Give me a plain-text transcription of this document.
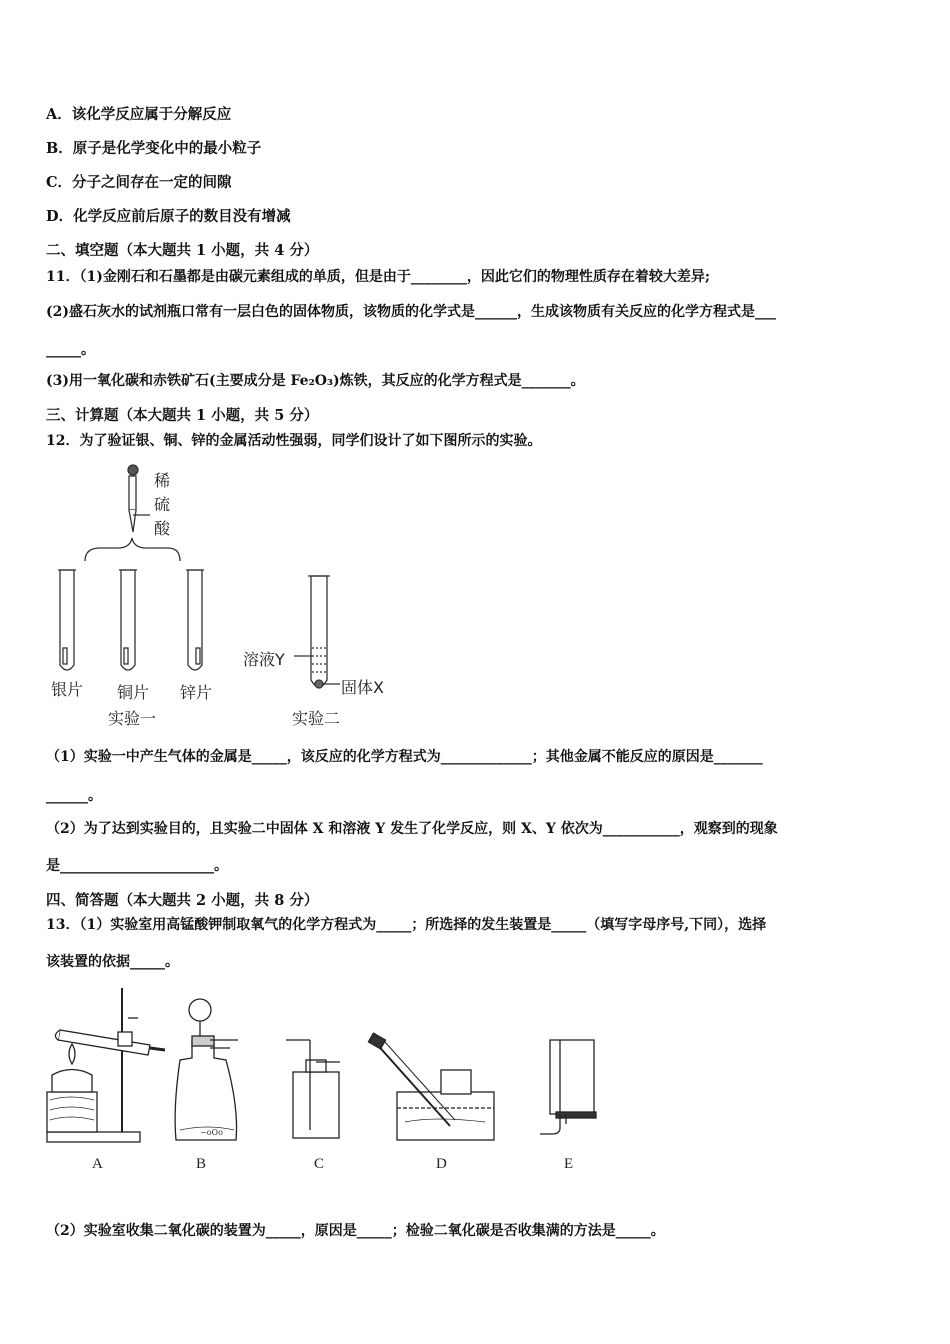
A．该化学反应属于分解反应
B．原子是化学变化中的最小粒子
C．分子之间存在一定的间隙
D．化学反应前后原子的数目没有增减
二、填空题（本大题共 1 小题，共 4 分）
11．（1)金刚石和石墨都是由碳元素组成的单质，但是由于________，因此它们的物理性质存在着较大差异;
(2)盛石灰水的试剂瓶口常有一层白色的固体物质，该物质的化学式是______，生成该物质有关反应的化学方程式是___
_____。
(3)用一氧化碳和赤铁矿石(主要成分是 Fe₂O₃)炼铁，其反应的化学方程式是_______。
三、计算题（本大题共 1 小题，共 5 分）
12．为了验证银、铜、锌的金属活动性强弱，同学们设计了如下图所示的实验。
稀
硫
酸
银片 铜片 锌片
实验一
溶液Y
固体X
实验二
（1）实验一中产生气体的金属是_____，该反应的化学方程式为_____________；其他金属不能反应的原因是_______
______。
（2）为了达到实验目的，且实验二中固体 X 和溶液 Y 发生了化学反应，则 X、Y 依次为___________，观察到的现象
是______________________。
四、简答题（本大题共 2 小题，共 8 分）
13．（1）实验室用高锰酸钾制取氧气的化学方程式为_____；所选择的发生装置是_____（填写字母序号,下同），选择
该装置的依据_____。
~oOo
A	B	C	D	E
（2）实验室收集二氧化碳的装置为_____，原因是_____；检验二氧化碳是否收集满的方法是_____。
